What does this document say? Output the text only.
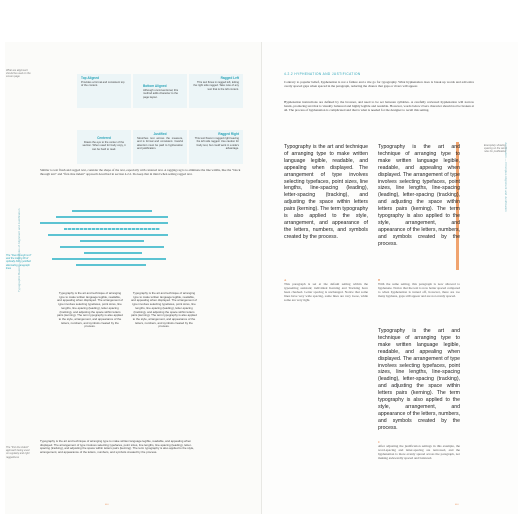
What are alignment should be used on the screen page
The "blue through text" and the trailing fill of optically lining justified alternating paragraph lines
The "first line indent" approach being used on regularly and right raggedness
Typographic Basics — Principles of Alignment and Justification
Top Aligned
Provides a formal and consistent top of the content.	Bottom Aligned
Although unconventional, this method adds character to the page layout.
Ragged Left
This text flows in ragged left, letting the right side ragged. Take note of any text that is the left content.
Centered
Draws the eye to the center of the section. When used for body copy, it can be hard to read.
Justified
Stretches text across the measure, and is formal and consistent. Careful attention must be paid to hyphenation and justification.
Ragged Right
This text flows in ragged right leaving the left side ragged. Use caution for body text, but could work in a side's advantage.
Similar to text flush and ragged text, consider the shape of the text, especially with centered text. A ragging rag is to eliminate the line widths, like the "block through text" and "first-line indent" approach described in section 4.2.2. Do keep that in mind when setting ragged text.
Typography is the art and technique of arranging type to make written language legible, readable, and appealing when displayed. The arrangement of type involves selecting typefaces, point sizes, line lengths, line-spacing (leading), letter-spacing (tracking), and adjusting the space within letters pairs (kerning). The term typography is also applied to the style, arrangement, and appearance of the letters, numbers, and symbols created by the process.
Typography is the art and technique of arranging type to make written language legible, readable, and appealing when displayed. The arrangement of type involves selecting typefaces, point sizes, line lengths, line-spacing (leading), letter-spacing (tracking), and adjusting the space within letters pairs (kerning). The term typography is also applied to the style, arrangement, and appearance of the letters, numbers, and symbols created by the process.
Typography is the art and technique of arranging type to make written language legible, readable, and appealing when displayed. The arrangement of type involves selecting typefaces, point sizes, line lengths, line-spacing (leading), letter-spacing (tracking), and adjusting the space within letters pairs (kerning). The term typography is also applied to the style, arrangement, and appearance of the letters, numbers, and symbols created by the process.
•••
4.2.2 HYPHENATION AND JUSTIFICATION
Contrary to popular belief, hyphenation is not a failure and a rite go for typography. What hyphenation does is break up words and add extra overly spaced gaps when spaced in the paragraph, reducing the chance that gaps or rivers will appear.
Hyphenation instructions are defined by the browser, and need to be set between syllables. A carefully reviewed hyphenation will narrow bands, producing text that is visually balanced and highly legible and readable. However, words below rivers character should not be broken at all. The process of hyphenation is complicated and that is what is needed for the designer to recall this setting.
Justification — Principles Alignment and Justification
Exemplary showing spacing on the word rules for justification
Typography is the art and technique of arranging type to make written language legible, readable, and appealing when displayed. The arrangement of type involves selecting typefaces, point sizes, line lengths, line-spacing (leading), letter-spacing (tracking), and adjusting the space within letters pairs (kerning). The term typography is also applied to the style, arrangement, and appearance of the letters, numbers, and symbols created by the process.
Typography is the art and technique of arranging type to make written language legible, readable, and appealing when displayed. The arrangement of type involves selecting typefaces, point sizes, line lengths, line-spacing (leading), letter-spacing (tracking), and adjusting the space within letters pairs (kerning). The term typography is also applied to the style, arrangement, and appearance of the letters, numbers, and symbols created by the process.
A
This paragraph is set at the default setting within the typesetting assistant; individual Kerning and Tracking have been checked. Letter spacing is unchanged. Notice that some lines have very wide spacing, some lines are very loose, while some are very tight.
B
With the same setting, this paragraph is now allowed to hyphenate. Notice that the text is now better spaced compared to when hyphenation is turned off, however, there are too many hyphens, gaps still appear and are not evenly spaced.
Typography is the art and technique of arranging type to make written language legible, readable, and appealing when displayed. The arrangement of type involves selecting typefaces, point sizes, line lengths, line-spacing (leading), letter-spacing (tracking), and adjusting the space within letters pairs (kerning). The term typography is also applied to the style, arrangement, and appearance of the letters, numbers, and symbols created by the process.
C
After adjusting the justification settings in this example, the word-spacing and letter-spacing are narrowed, and the hyphenation is more evenly spread across the paragraph, not making awkwardly spaced and balanced.
•••
